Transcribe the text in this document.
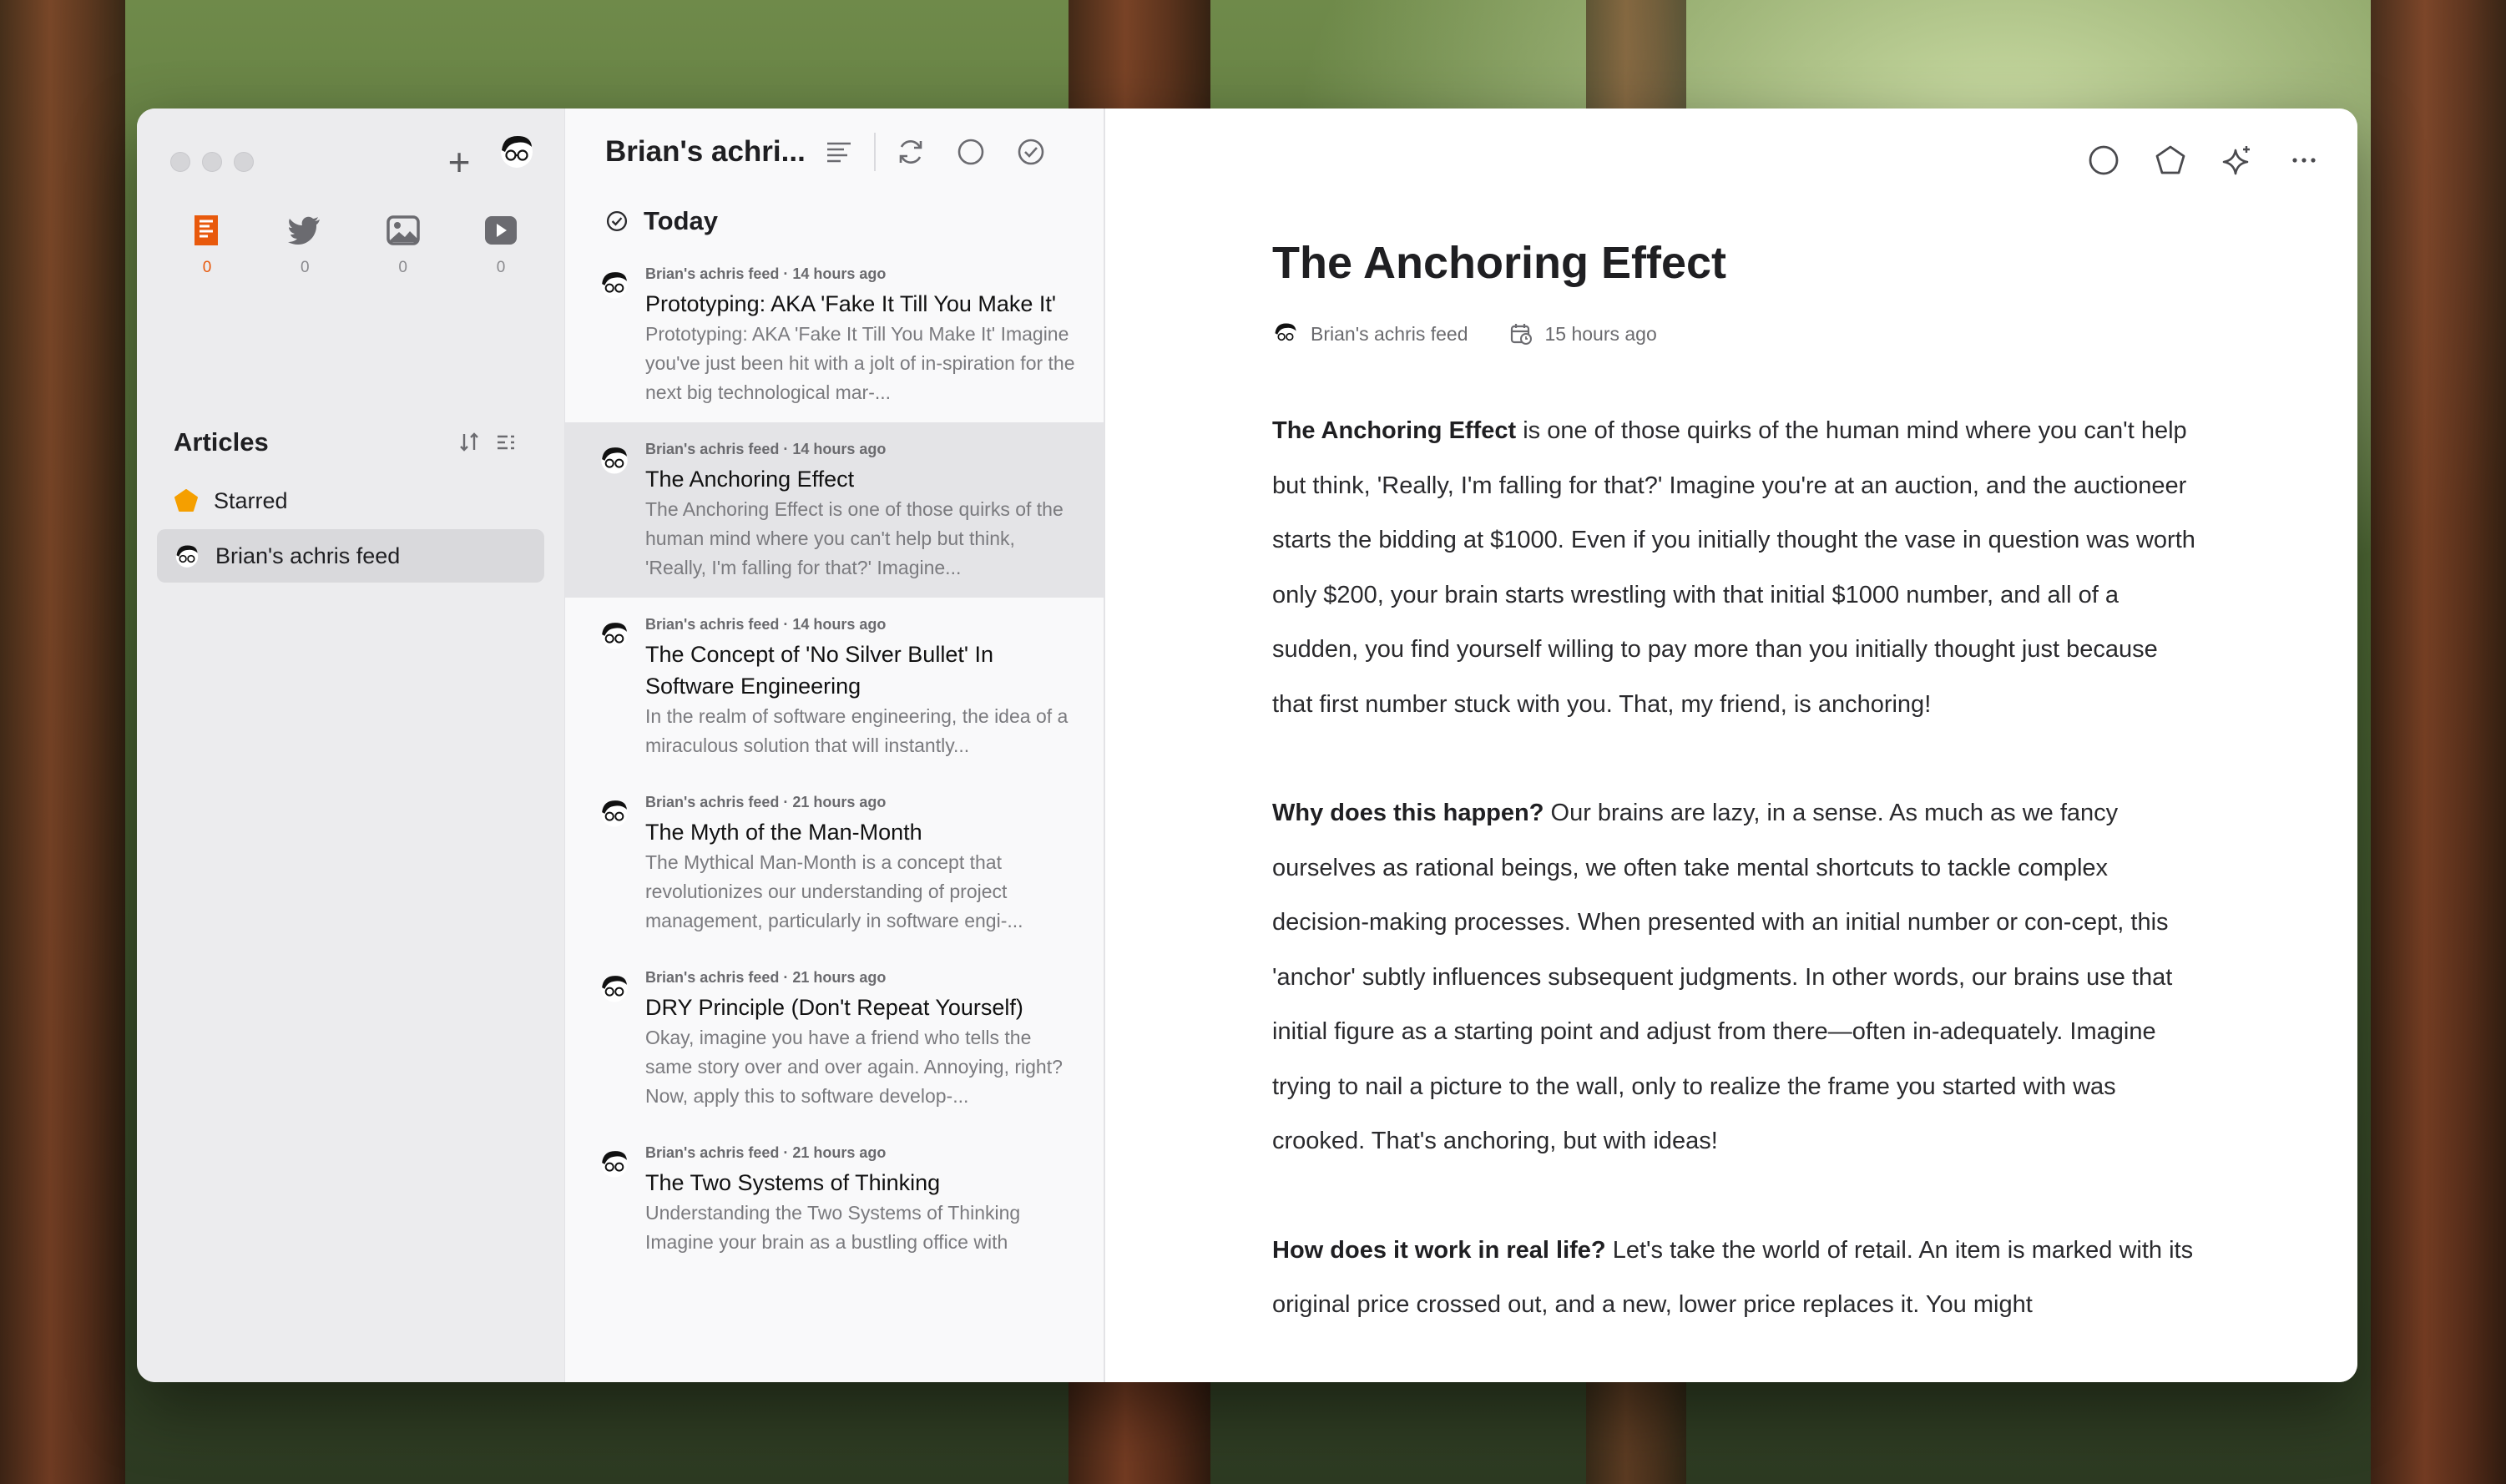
+
0	0	0	0
Articles
Starred
Brian's achris feed
Brian's achri...
Today
Brian's achris feed · 14 hours ago
Prototyping: AKA 'Fake It Till You Make It'
Prototyping: AKA 'Fake It Till You Make It' Imagine you've just been hit with a jolt of in-spiration for the next big technological mar-...
Brian's achris feed · 14 hours ago
The Anchoring Effect
The Anchoring Effect is one of those quirks of the human mind where you can't help but think, 'Really, I'm falling for that?' Imagine...
Brian's achris feed · 14 hours ago
The Concept of 'No Silver Bullet' In Software Engineering
In the realm of software engineering, the idea of a miraculous solution that will instantly...
Brian's achris feed · 21 hours ago
The Myth of the Man-Month
The Mythical Man-Month is a concept that revolutionizes our understanding of project management, particularly in software engi-...
Brian's achris feed · 21 hours ago
DRY Principle (Don't Repeat Yourself)
Okay, imagine you have a friend who tells the same story over and over again. Annoying, right? Now, apply this to software develop-...
Brian's achris feed · 21 hours ago
The Two Systems of Thinking
Understanding the Two Systems of Thinking Imagine your brain as a bustling office with
The Anchoring Effect
Brian's achris feed	15 hours ago

The Anchoring Effect is one of those quirks of the human mind where you can't help but think, 'Really, I'm falling for that?' Imagine you're at an auction, and the auctioneer starts the bidding at $1000. Even if you initially thought the vase in question was worth only $200, your brain starts wrestling with that initial $1000 number, and all of a sudden, you find yourself willing to pay more than you initially thought just because that first number stuck with you. That, my friend, is anchoring!

Why does this happen? Our brains are lazy, in a sense. As much as we fancy ourselves as rational beings, we often take mental shortcuts to tackle complex decision-making processes. When presented with an initial number or con-cept, this 'anchor' subtly influences subsequent judgments. In other words, our brains use that initial figure as a starting point and adjust from there—often in-adequately. Imagine trying to nail a picture to the wall, only to realize the frame you started with was crooked. That's anchoring, but with ideas!

How does it work in real life? Let's take the world of retail. An item is marked with its original price crossed out, and a new, lower price replaces it. You might
